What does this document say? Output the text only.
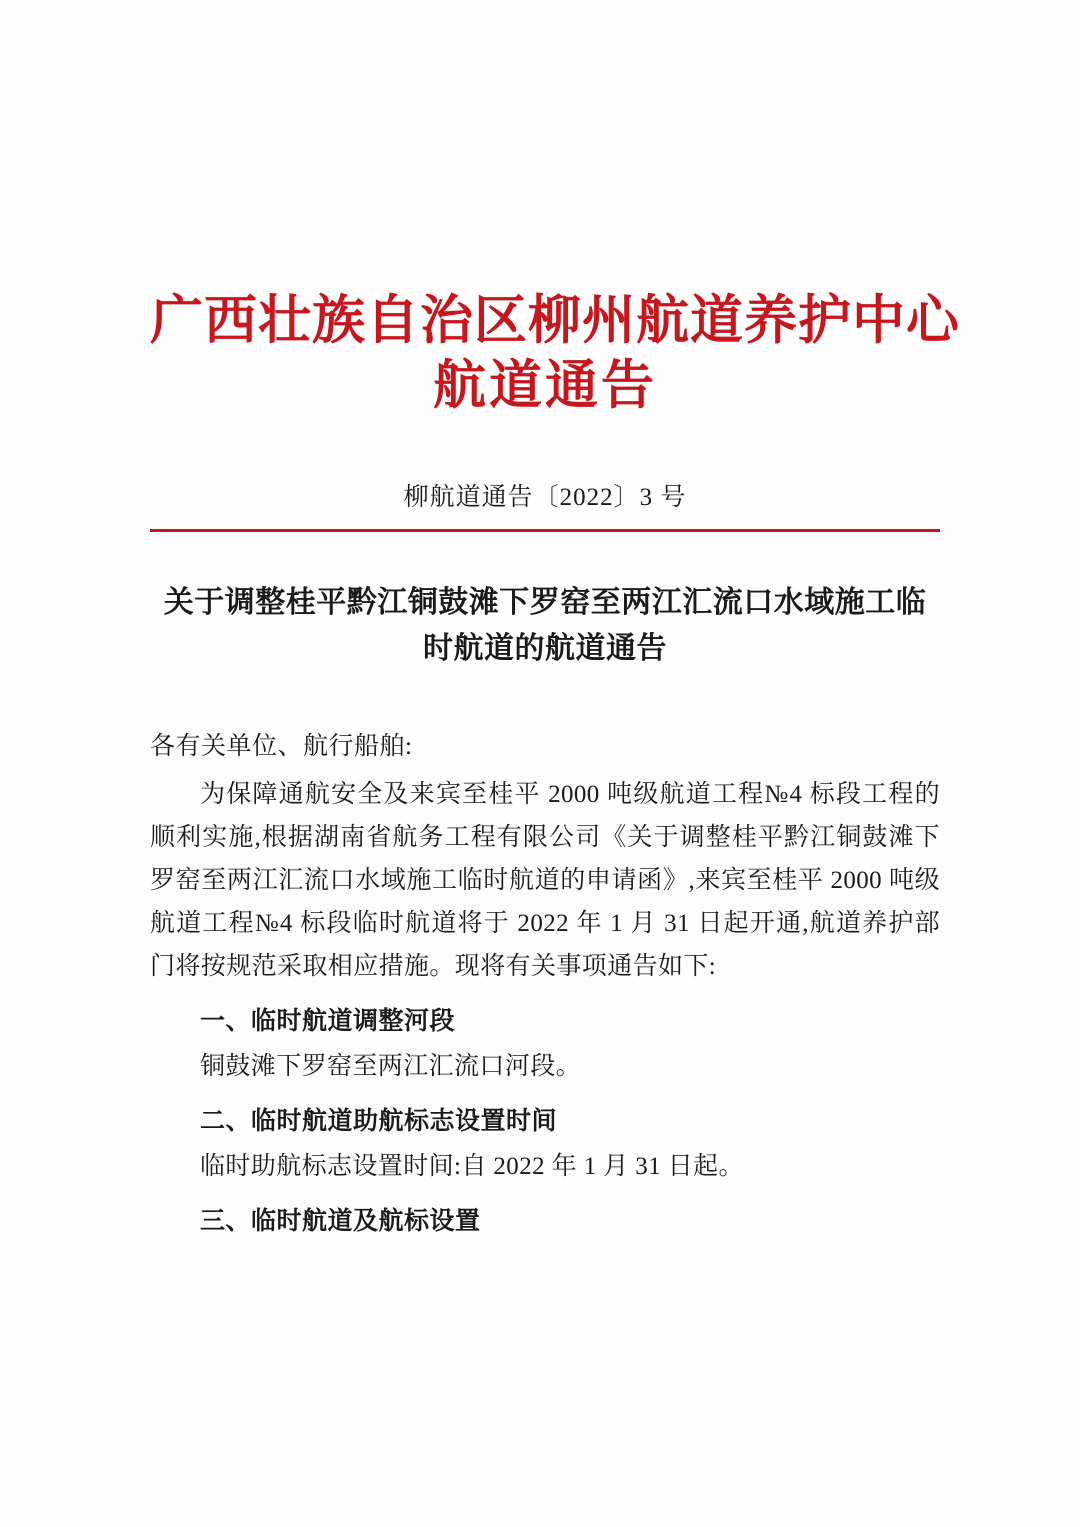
广西壮族自治区柳州航道养护中心
航道通告
柳航道通告〔2022〕3 号
关于调整桂平黔江铜鼓滩下罗窑至两江汇流口水域施工临时航道的航道通告
各有关单位、航行船舶:
为保障通航安全及来宾至桂平 2000 吨级航道工程№4 标段工程的顺利实施,根据湖南省航务工程有限公司《关于调整桂平黔江铜鼓滩下罗窑至两江汇流口水域施工临时航道的申请函》,来宾至桂平 2000 吨级航道工程№4 标段临时航道将于 2022 年 1 月 31 日起开通,航道养护部门将按规范采取相应措施。现将有关事项通告如下:
一、临时航道调整河段
铜鼓滩下罗窑至两江汇流口河段。
二、临时航道助航标志设置时间
临时助航标志设置时间:自 2022 年 1 月 31 日起。
三、临时航道及航标设置
